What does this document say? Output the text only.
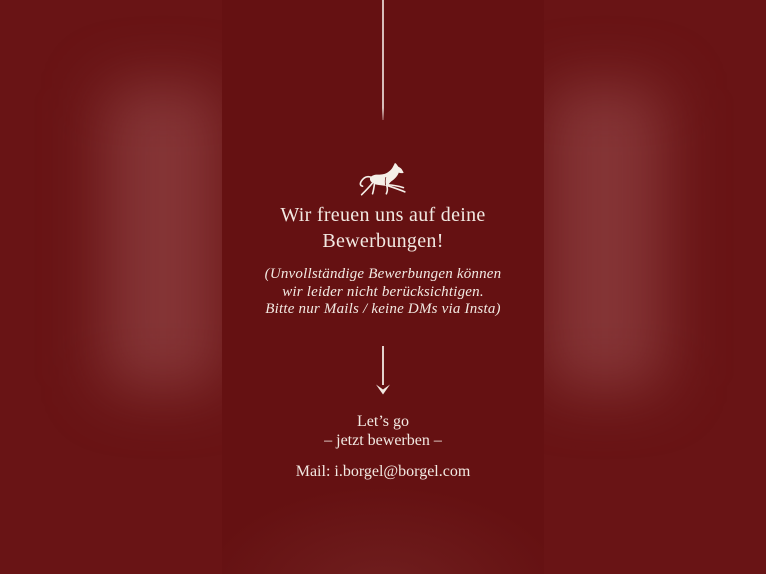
Wir freuen uns auf deine
Bewerbungen!
(Unvollständige Bewerbungen können
wir leider nicht berücksichtigen.
Bitte nur Mails / keine DMs via Insta)
Let’s go
– jetzt bewerben –
Mail: i.borgel@borgel.com
